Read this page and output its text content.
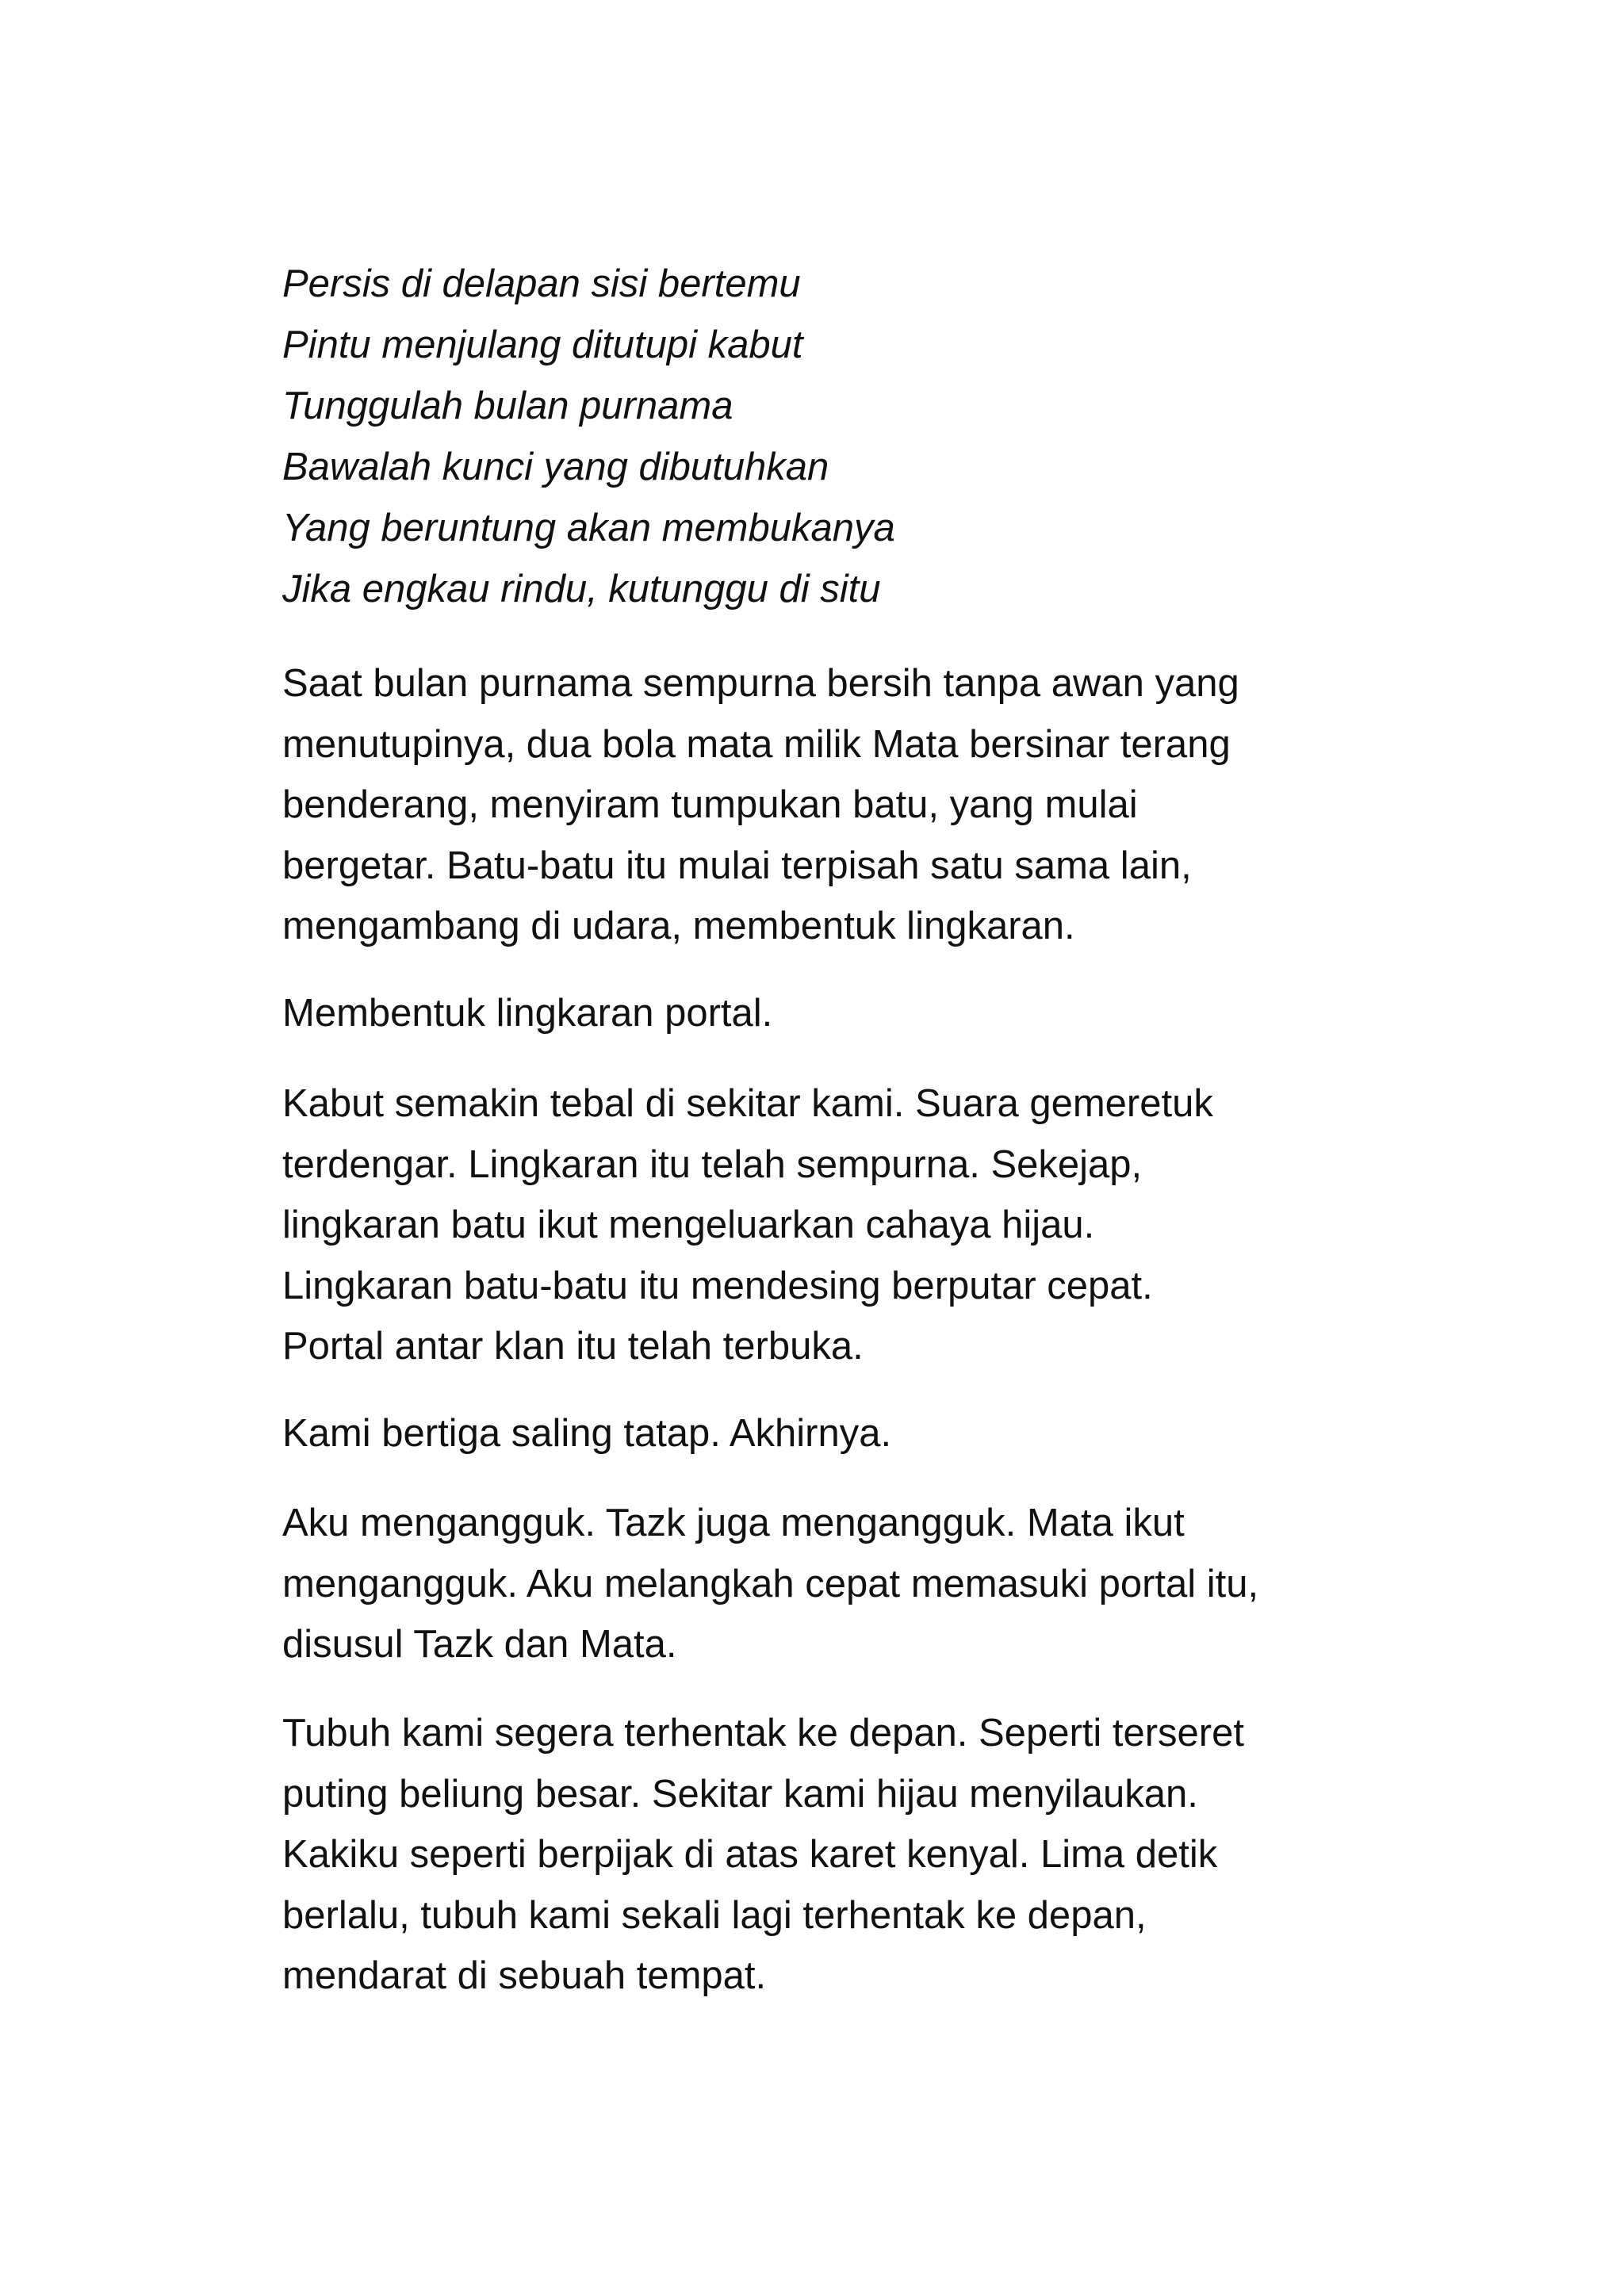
Persis di delapan sisi bertemu
Pintu menjulang ditutupi kabut
Tunggulah bulan purnama
Bawalah kunci yang dibutuhkan
Yang beruntung akan membukanya
Jika engkau rindu, kutunggu di situ
Saat bulan purnama sempurna bersih tanpa awan yang
menutupinya, dua bola mata milik Mata bersinar terang
benderang, menyiram tumpukan batu, yang mulai
bergetar. Batu-batu itu mulai terpisah satu sama lain,
mengambang di udara, membentuk lingkaran.
Membentuk lingkaran portal.
Kabut semakin tebal di sekitar kami. Suara gemeretuk
terdengar. Lingkaran itu telah sempurna. Sekejap,
lingkaran batu ikut mengeluarkan cahaya hijau.
Lingkaran batu-batu itu mendesing berputar cepat.
Portal antar klan itu telah terbuka.
Kami bertiga saling tatap. Akhirnya.
Aku mengangguk. Tazk juga mengangguk. Mata ikut
mengangguk. Aku melangkah cepat memasuki portal itu,
disusul Tazk dan Mata.
Tubuh kami segera terhentak ke depan. Seperti terseret
puting beliung besar. Sekitar kami hijau menyilaukan.
Kakiku seperti berpijak di atas karet kenyal. Lima detik
berlalu, tubuh kami sekali lagi terhentak ke depan,
mendarat di sebuah tempat.
